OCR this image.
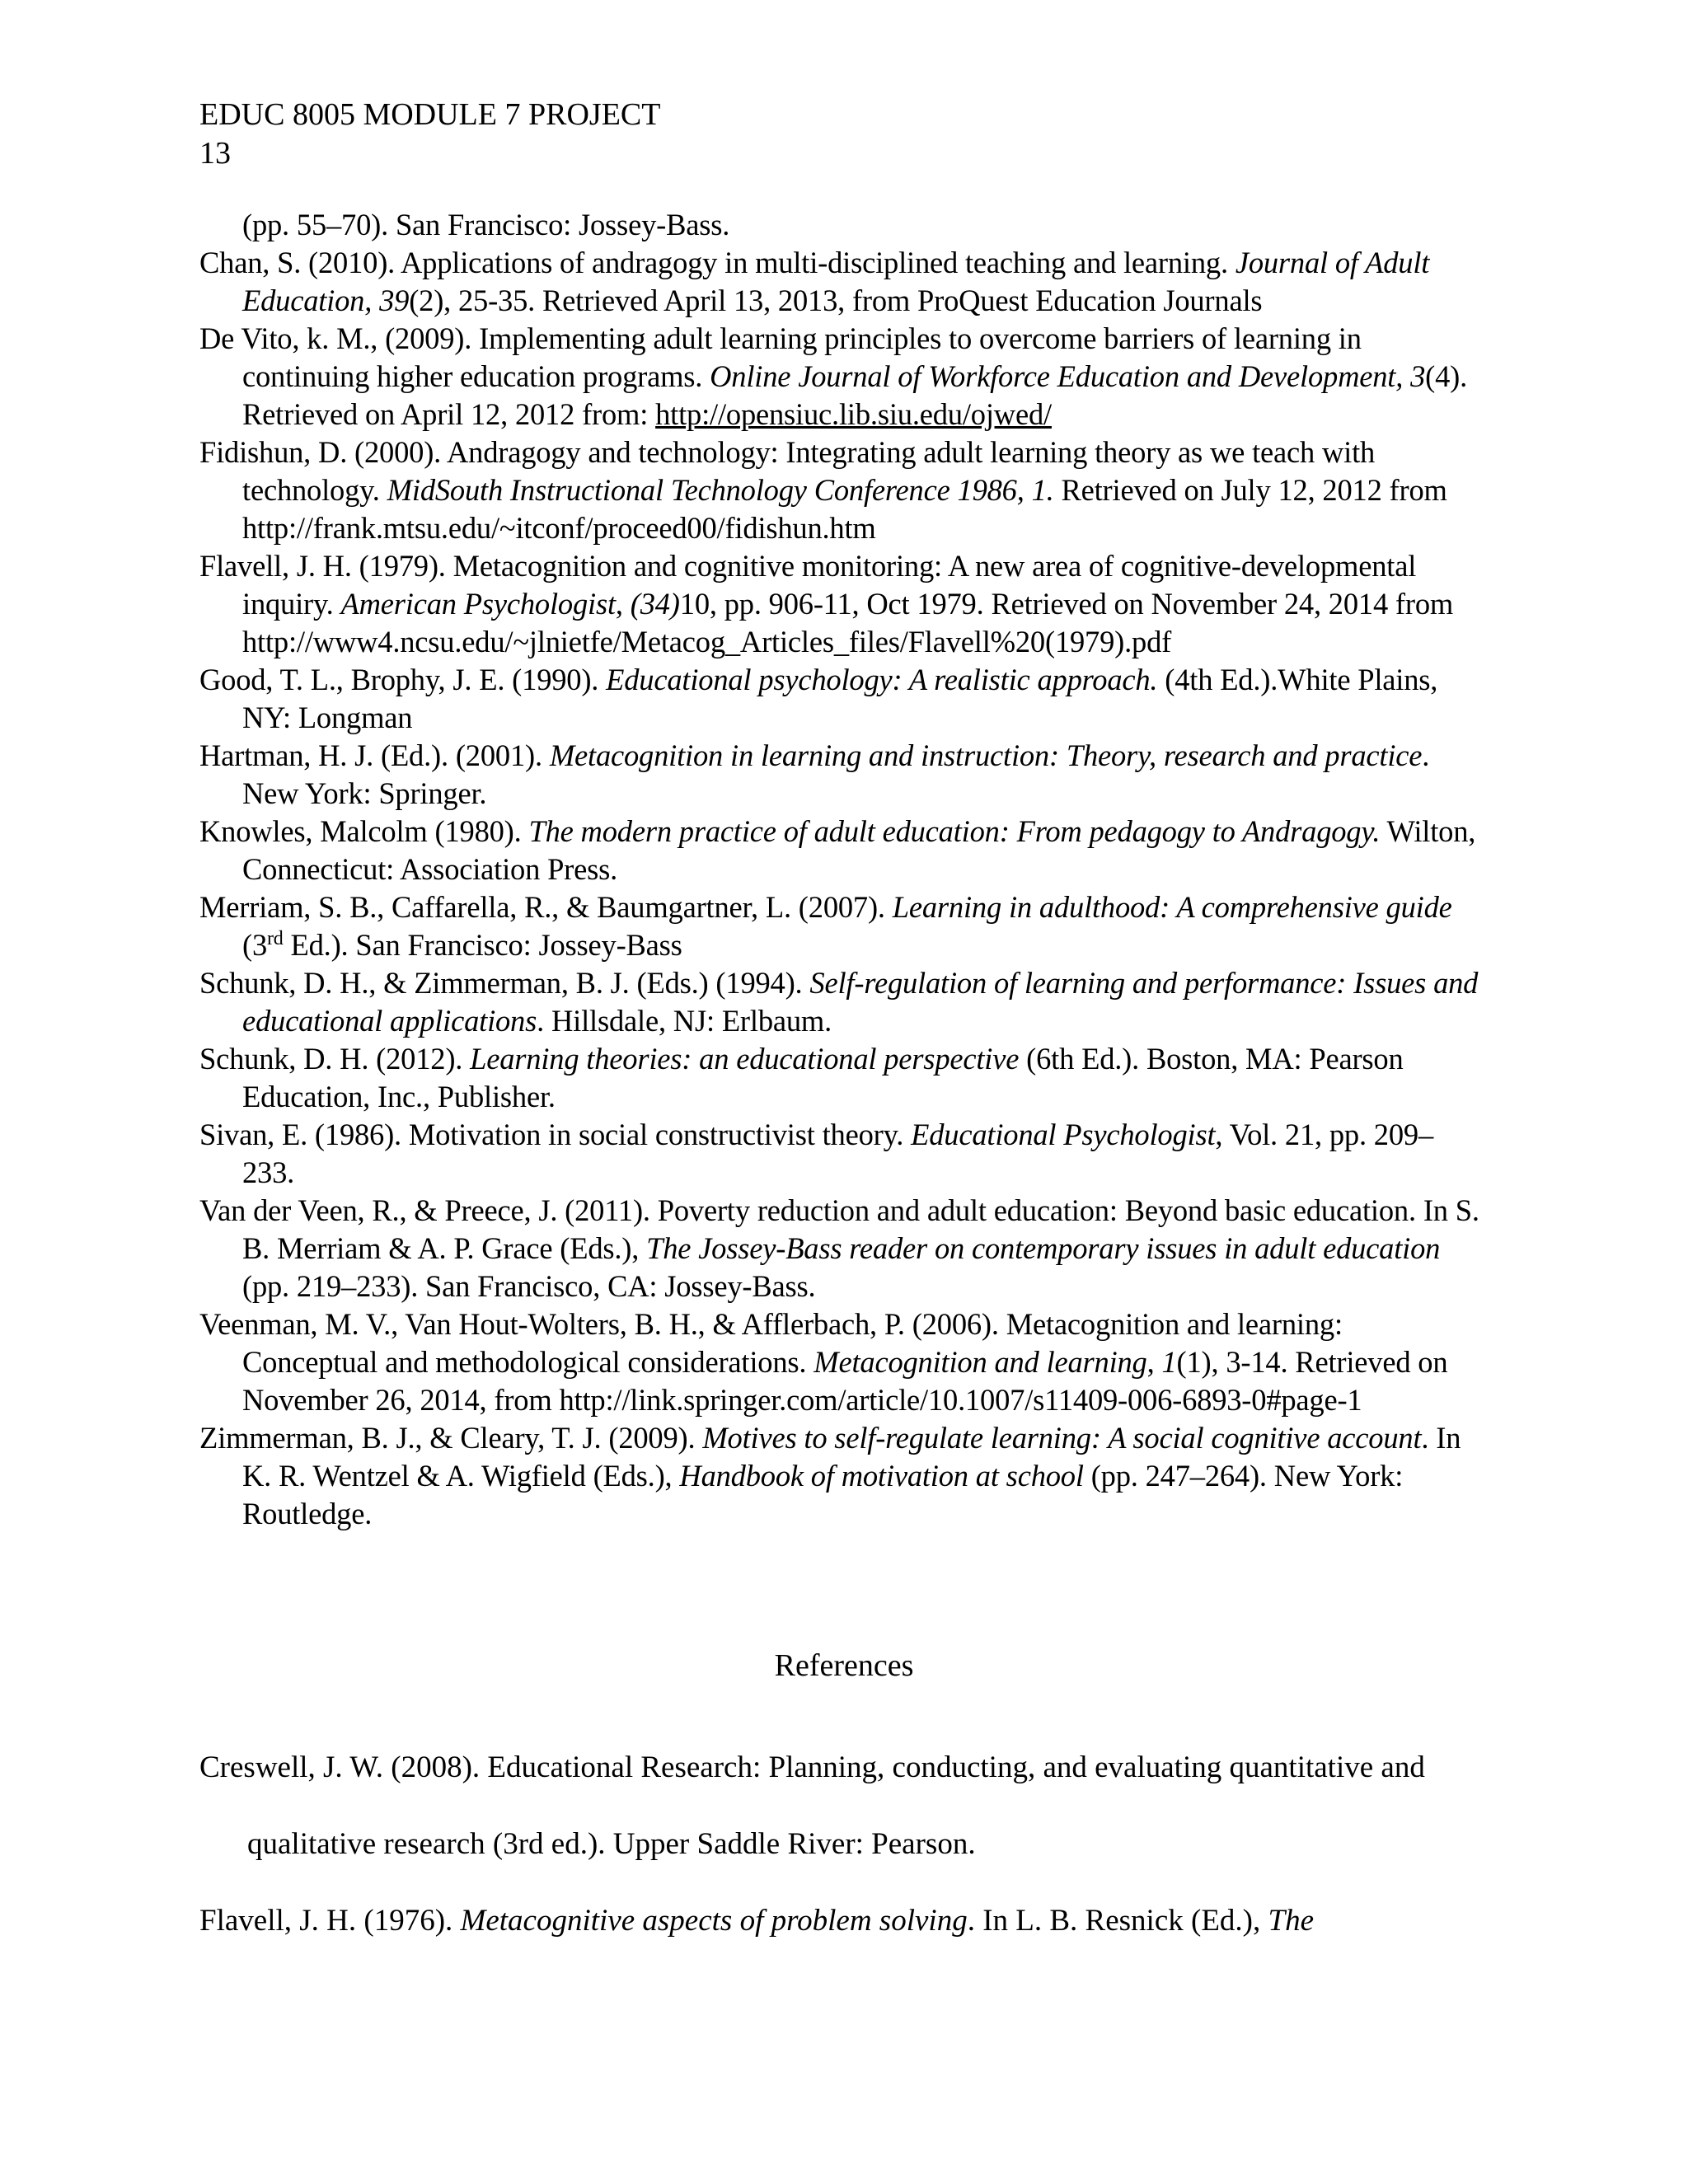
EDUC 8005 MODULE 7 PROJECT
13

(pp. 55–70). San Francisco: Jossey-Bass.

Chan, S. (2010). Applications of andragogy in multi-disciplined teaching and learning. Journal of Adult Education, 39(2), 25-35. Retrieved April 13, 2013, from ProQuest Education Journals

De Vito, k. M., (2009). Implementing adult learning principles to overcome barriers of learning in continuing higher education programs. Online Journal of Workforce Education and Development, 3(4). Retrieved on April 12, 2012 from: http://opensiuc.lib.siu.edu/ojwed/

Fidishun, D. (2000). Andragogy and technology: Integrating adult learning theory as we teach with technology. MidSouth Instructional Technology Conference 1986, 1. Retrieved on July 12, 2012 from http://frank.mtsu.edu/~itconf/proceed00/fidishun.htm

Flavell, J. H. (1979). Metacognition and cognitive monitoring: A new area of cognitive-developmental inquiry. American Psychologist, (34)10, pp. 906-11, Oct 1979. Retrieved on November 24, 2014 from http://www4.ncsu.edu/~jlnietfe/Metacog_Articles_files/Flavell%20(1979).pdf

Good, T. L., Brophy, J. E. (1990). Educational psychology: A realistic approach. (4th Ed.).White Plains, NY: Longman

Hartman, H. J. (Ed.). (2001). Metacognition in learning and instruction: Theory, research and practice. New York: Springer.

Knowles, Malcolm (1980). The modern practice of adult education: From pedagogy to Andragogy. Wilton, Connecticut: Association Press.

Merriam, S. B., Caffarella, R., & Baumgartner, L. (2007). Learning in adulthood: A comprehensive guide (3rd Ed.). San Francisco: Jossey-Bass

Schunk, D. H., & Zimmerman, B. J. (Eds.) (1994). Self-regulation of learning and performance: Issues and educational applications. Hillsdale, NJ: Erlbaum.

Schunk, D. H. (2012). Learning theories: an educational perspective (6th Ed.). Boston, MA: Pearson Education, Inc., Publisher.

Sivan, E. (1986). Motivation in social constructivist theory. Educational Psychologist, Vol. 21, pp. 209–233.

Van der Veen, R., & Preece, J. (2011). Poverty reduction and adult education: Beyond basic education. In S. B. Merriam & A. P. Grace (Eds.), The Jossey-Bass reader on contemporary issues in adult education (pp. 219–233). San Francisco, CA: Jossey-Bass.

Veenman, M. V., Van Hout-Wolters, B. H., & Afflerbach, P. (2006). Metacognition and learning: Conceptual and methodological considerations. Metacognition and learning, 1(1), 3-14. Retrieved on November 26, 2014, from http://link.springer.com/article/10.1007/s11409-006-6893-0#page-1

Zimmerman, B. J., & Cleary, T. J. (2009). Motives to self-regulate learning: A social cognitive account. In K. R. Wentzel & A. Wigfield (Eds.), Handbook of motivation at school (pp. 247–264). New York: Routledge.

References

Creswell, J. W. (2008). Educational Research: Planning, conducting, and evaluating quantitative and qualitative research (3rd ed.). Upper Saddle River: Pearson.

Flavell, J. H. (1976). Metacognitive aspects of problem solving. In L. B. Resnick (Ed.), The
